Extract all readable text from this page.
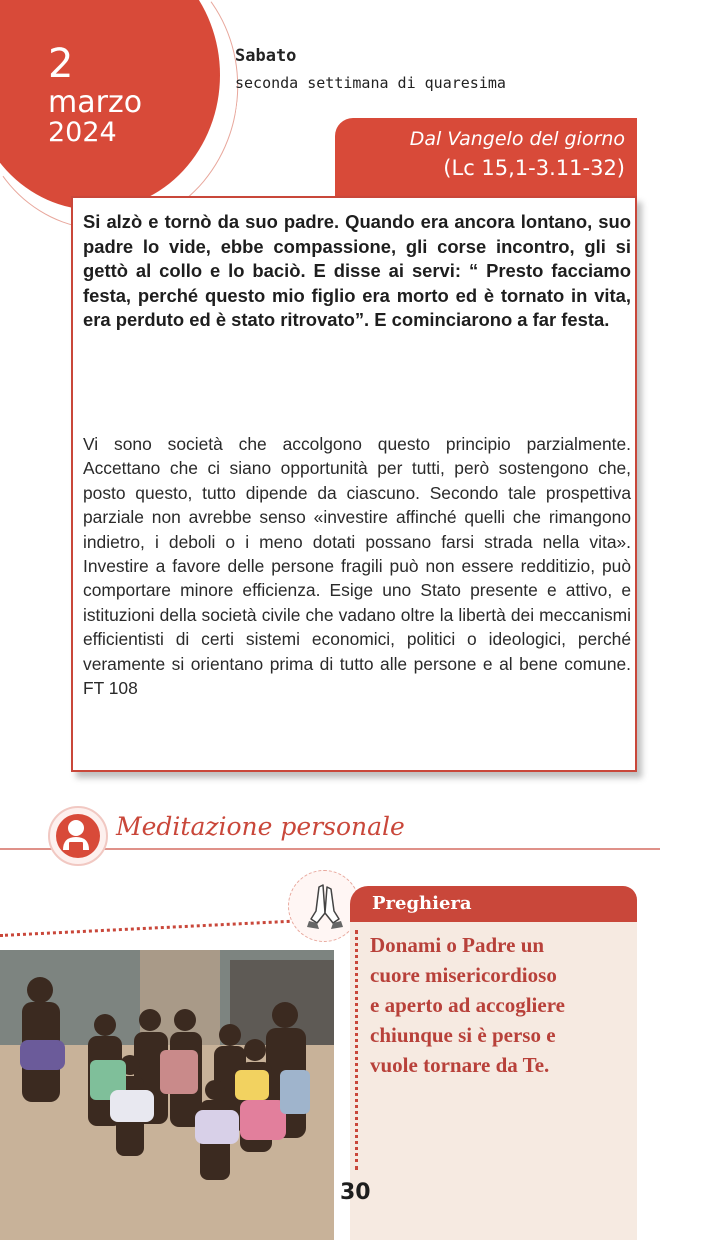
2
marzo
2024
Sabato
seconda settimana di quaresima
Dal Vangelo del giorno
(Lc 15,1-3.11-32)
Si alzò e tornò da suo padre. Quando era ancora lontano, suo padre lo vide, ebbe compassione, gli corse incontro, gli si gettò al collo e lo baciò. E disse ai servi: “ Presto facciamo festa, perché questo mio figlio era morto ed è tornato in vita, era perduto ed è stato ritrovato”. E cominciarono a far festa.
Vi sono società che accolgono questo principio parzialmente. Accettano che ci siano opportunità per tutti, però sostengono che, posto questo, tutto dipende da ciascuno. Secondo tale prospettiva parziale non avrebbe senso «investire affinché quelli che rimangono indietro, i deboli o i meno dotati possano farsi strada nella vita». Investire a favore delle persone fragili può non essere redditizio, può comportare minore efficienza. Esige uno Stato presente e attivo, e istituzioni della società civile che vadano oltre la libertà dei meccanismi efficientisti di certi sistemi economici, politici o ideologici, perché veramente si orientano prima di tutto alle persone e al bene comune. FT 108
Meditazione personale
Preghiera
Donami o Padre un
cuore misericordioso
e aperto ad accogliere
chiunque si è perso e
vuole tornare da Te.
30
